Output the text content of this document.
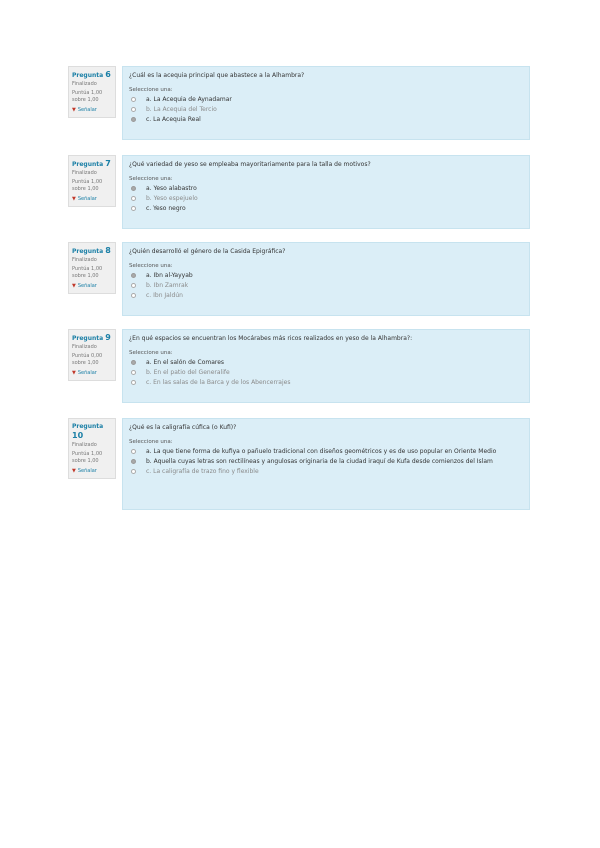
Pregunta 6
Finalizado
Puntúa 1,00
sobre 1,00
▼ Señalar
¿Cuál es la acequia principal que abastece a la Alhambra?
Seleccione una:
a. La Acequia de Aynadamar
b. La Acequia del Tercio
c. La Acequia Real
Pregunta 7
Finalizado
Puntúa 1,00
sobre 1,00
▼ Señalar
¿Qué variedad de yeso se empleaba mayoritariamente para la talla de motivos?
Seleccione una:
a. Yeso alabastro
b. Yeso espejuelo
c. Yeso negro
Pregunta 8
Finalizado
Puntúa 1,00
sobre 1,00
▼ Señalar
¿Quién desarrolló el género de la Casida Epigráfica?
Seleccione una:
a. Ibn al-Yayyab
b. Ibn Zamrak
c. Ibn Jaldún
Pregunta 9
Finalizado
Puntúa 0,00
sobre 1,00
▼ Señalar
¿En qué espacios se encuentran los Mocárabes más ricos realizados en yeso de la Alhambra?:
Seleccione una:
a. En el salón de Comares
b. En el patio del Generalife
c. En las salas de la Barca y de los Abencerrajes
Pregunta 10
Finalizado
Puntúa 1,00
sobre 1,00
▼ Señalar
¿Qué es la caligrafía cúfica (o Kufi)?
Seleccione una:
a. La que tiene forma de kufiya o pañuelo tradicional con diseños geométricos y es de uso popular en Oriente Medio
b. Aquella cuyas letras son rectilíneas y angulosas originaria de la ciudad iraquí de Kufa desde comienzos del Islam
c. La caligrafía de trazo fino y flexible
